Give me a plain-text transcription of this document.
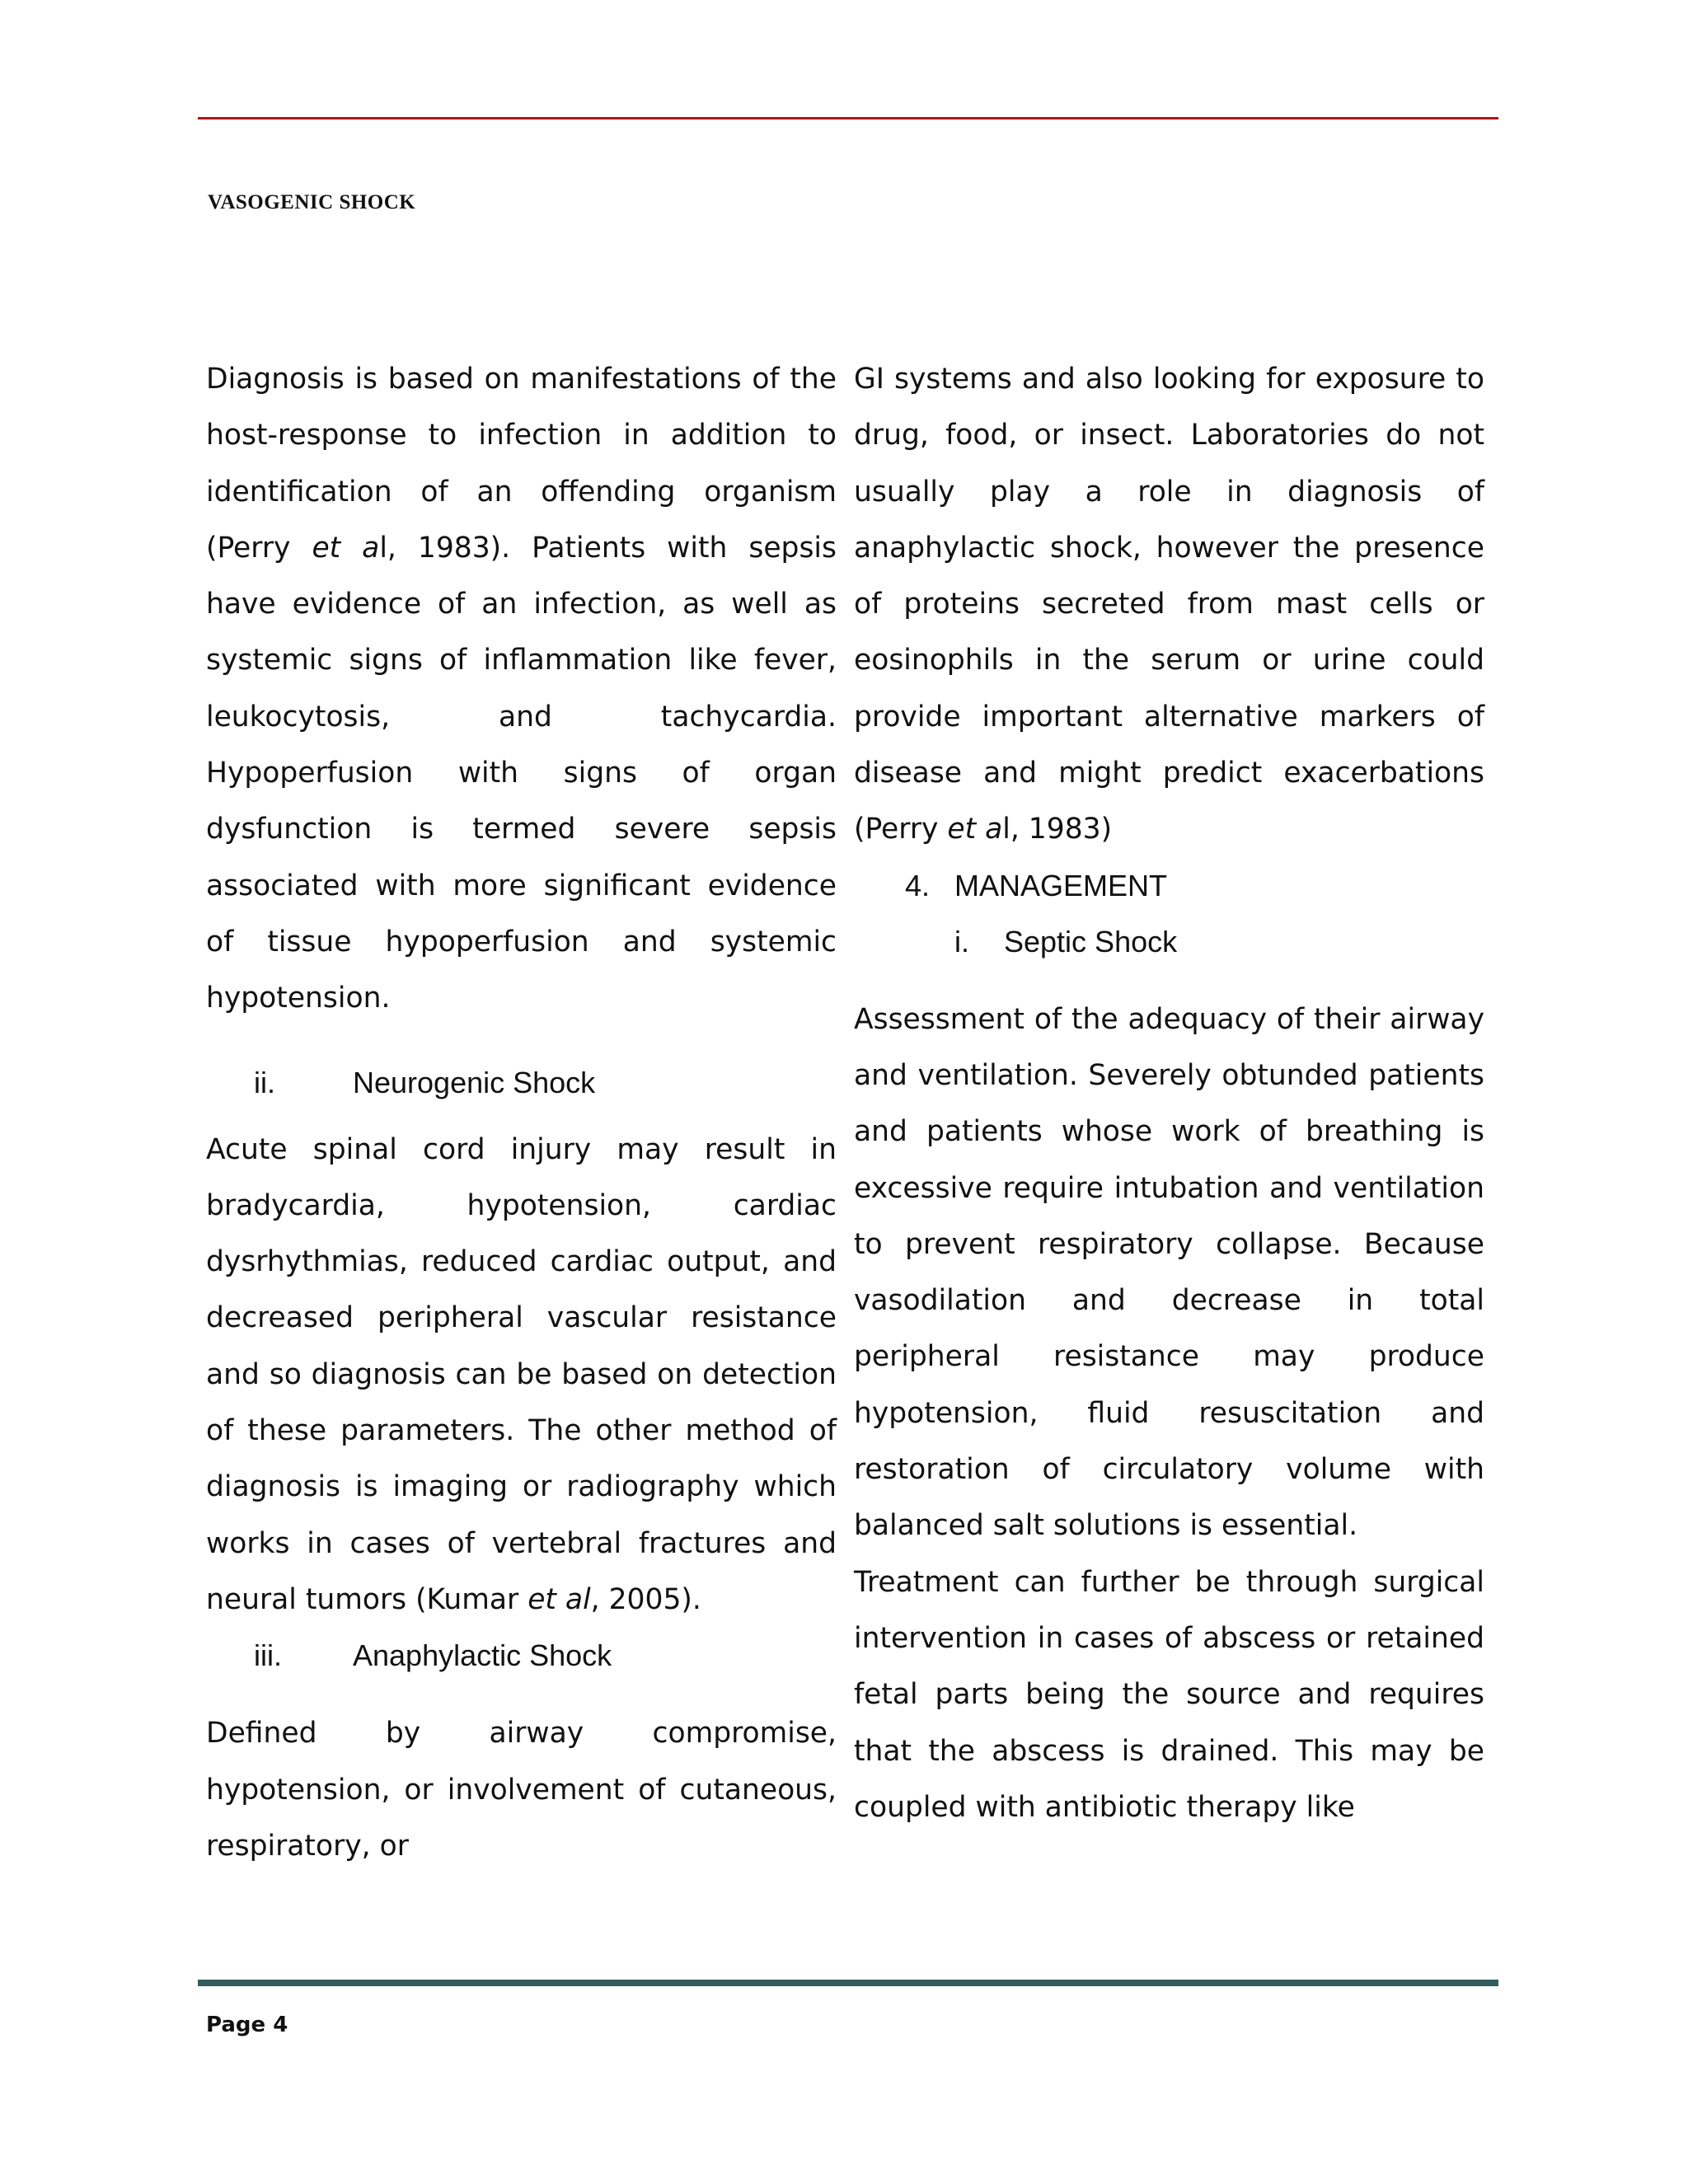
VASOGENIC SHOCK

Diagnosis is based on manifestations of the host-response to infection in addition to identification of an offending organism (Perry et al, 1983). Patients with sepsis have evidence of an infection, as well as systemic signs of inflammation like fever, leukocytosis, and tachycardia. Hypoperfusion with signs of organ dysfunction is termed severe sepsis associated with more significant evidence of tissue hypoperfusion and systemic hypotension.

ii.	Neurogenic Shock

Acute spinal cord injury may result in bradycardia, hypotension, cardiac dysrhythmias, reduced cardiac output, and decreased peripheral vascular resistance and so diagnosis can be based on detection of these parameters. The other method of diagnosis is imaging or radiography which works in cases of vertebral fractures and neural tumors (Kumar et al, 2005).

iii. Anaphylactic Shock

Defined by airway compromise, hypotension, or involvement of cutaneous, respiratory, or

GI systems and also looking for exposure to drug, food, or insect. Laboratories do not usually play a role in diagnosis of anaphylactic shock, however the presence of proteins secreted from mast cells or eosinophils in the serum or urine could provide important alternative markers of disease and might predict exacerbations (Perry et al, 1983)

4. MANAGEMENT
i. Septic Shock

Assessment of the adequacy of their airway and ventilation. Severely obtunded patients and patients whose work of breathing is excessive require intubation and ventilation to prevent respiratory collapse. Because vasodilation and decrease in total peripheral resistance may produce hypotension, fluid resuscitation and restoration of circulatory volume with balanced salt solutions is essential.

Treatment can further be through surgical intervention in cases of abscess or retained fetal parts being the source and requires that the abscess is drained. This may be coupled with antibiotic therapy like

Page 4
